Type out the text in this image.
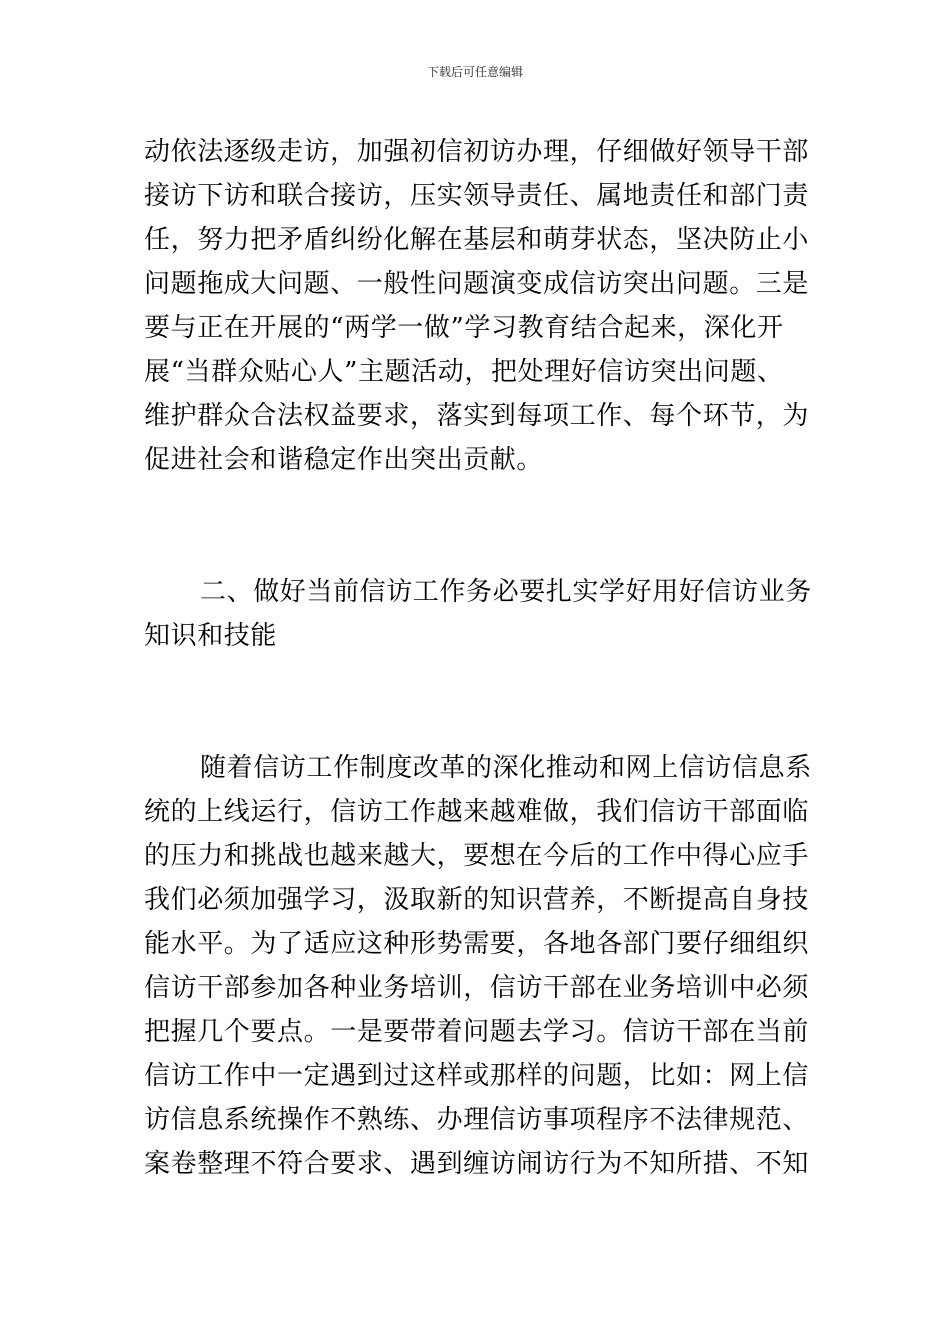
下载后可任意编辑
动依法逐级走访，加强初信初访办理，仔细做好领导干部
接访下访和联合接访，压实领导责任、属地责任和部门责
任，努力把矛盾纠纷化解在基层和萌芽状态，坚决防止小
问题拖成大问题、一般性问题演变成信访突出问题。三是
要与正在开展的“两学一做”学习教育结合起来，深化开
展“当群众贴心人”主题活动，把处理好信访突出问题、
维护群众合法权益要求，落实到每项工作、每个环节，为
促进社会和谐稳定作出突出贡献。
二、做好当前信访工作务必要扎实学好用好信访业务
知识和技能
随着信访工作制度改革的深化推动和网上信访信息系
统的上线运行，信访工作越来越难做，我们信访干部面临
的压力和挑战也越来越大，要想在今后的工作中得心应手
我们必须加强学习，汲取新的知识营养，不断提高自身技
能水平。为了适应这种形势需要，各地各部门要仔细组织
信访干部参加各种业务培训，信访干部在业务培训中必须
把握几个要点。一是要带着问题去学习。信访干部在当前
信访工作中一定遇到过这样或那样的问题，比如：网上信
访信息系统操作不熟练、办理信访事项程序不法律规范、
案卷整理不符合要求、遇到缠访闹访行为不知所措、不知
